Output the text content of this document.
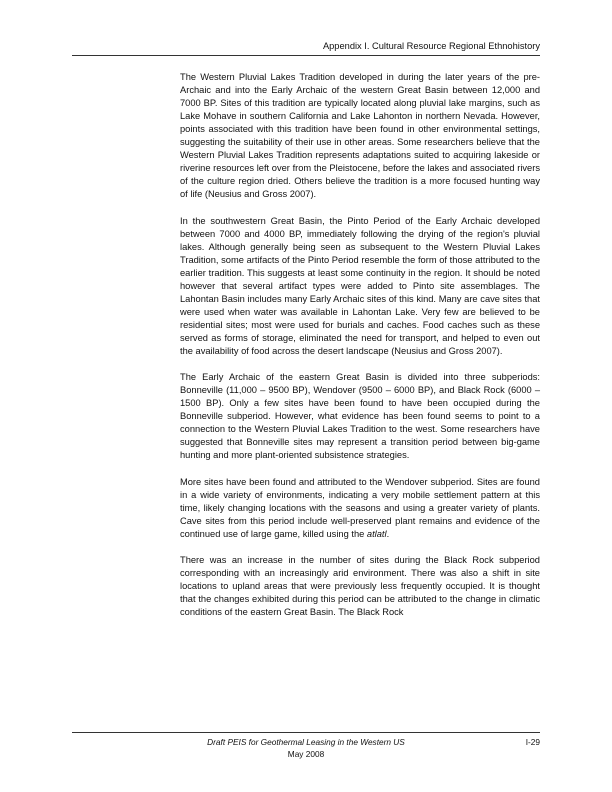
Appendix I. Cultural Resource Regional Ethnohistory

The Western Pluvial Lakes Tradition developed in during the later years of the pre-Archaic and into the Early Archaic of the western Great Basin between 12,000 and 7000 BP. Sites of this tradition are typically located along pluvial lake margins, such as Lake Mohave in southern California and Lake Lahonton in northern Nevada. However, points associated with this tradition have been found in other environmental settings, suggesting the suitability of their use in other areas. Some researchers believe that the Western Pluvial Lakes Tradition represents adaptations suited to acquiring lakeside or riverine resources left over from the Pleistocene, before the lakes and associated rivers of the culture region dried. Others believe the tradition is a more focused hunting way of life (Neusius and Gross 2007).

In the southwestern Great Basin, the Pinto Period of the Early Archaic developed between 7000 and 4000 BP, immediately following the drying of the region's pluvial lakes. Although generally being seen as subsequent to the Western Pluvial Lakes Tradition, some artifacts of the Pinto Period resemble the form of those attributed to the earlier tradition. This suggests at least some continuity in the region. It should be noted however that several artifact types were added to Pinto site assemblages. The Lahontan Basin includes many Early Archaic sites of this kind. Many are cave sites that were used when water was available in Lahontan Lake. Very few are believed to be residential sites; most were used for burials and caches. Food caches such as these served as forms of storage, eliminated the need for transport, and helped to even out the availability of food across the desert landscape (Neusius and Gross 2007).

The Early Archaic of the eastern Great Basin is divided into three subperiods: Bonneville (11,000 – 9500 BP), Wendover (9500 – 6000 BP), and Black Rock (6000 – 1500 BP). Only a few sites have been found to have been occupied during the Bonneville subperiod. However, what evidence has been found seems to point to a connection to the Western Pluvial Lakes Tradition to the west. Some researchers have suggested that Bonneville sites may represent a transition period between big-game hunting and more plant-oriented subsistence strategies.

More sites have been found and attributed to the Wendover subperiod. Sites are found in a wide variety of environments, indicating a very mobile settlement pattern at this time, likely changing locations with the seasons and using a greater variety of plants. Cave sites from this period include well-preserved plant remains and evidence of the continued use of large game, killed using the atlatl.

There was an increase in the number of sites during the Black Rock subperiod corresponding with an increasingly arid environment. There was also a shift in site locations to upland areas that were previously less frequently occupied. It is thought that the changes exhibited during this period can be attributed to the change in climatic conditions of the eastern Great Basin. The Black Rock

Draft PEIS for Geothermal Leasing in the Western US	I-29
May 2008
